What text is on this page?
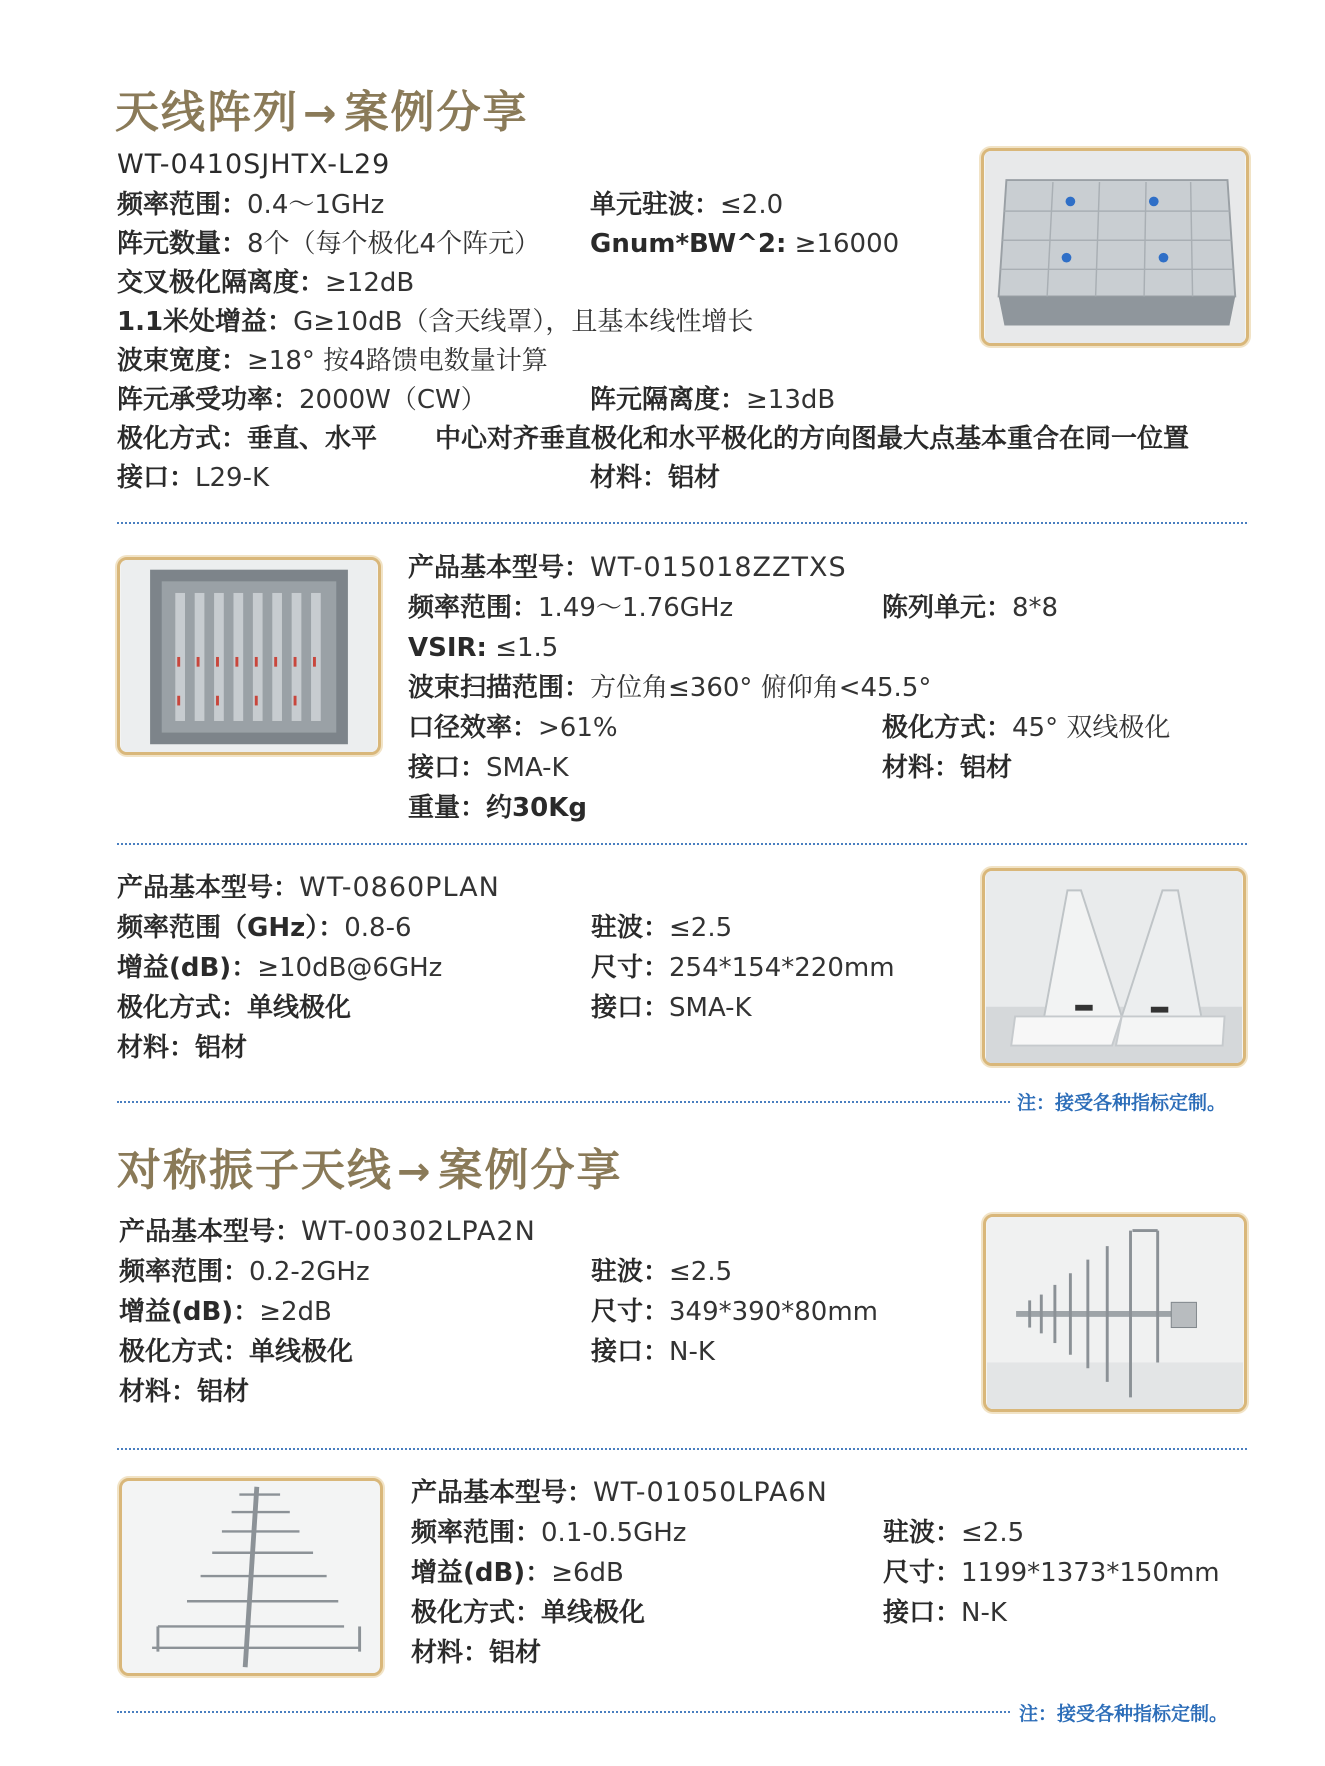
天线阵列 → 案例分享
WT-0410SJHTX-L29
频率范围：0.4～1GHz	单元驻波：≤2.0
阵元数量：8个（每个极化4个阵元） Gnum*BW^2: ≥16000
交叉极化隔离度：≥12dB
1.1米处增益：G≥10dB（含天线罩），且基本线性增长
波束宽度：≥18° 按4路馈电数量计算
阵元承受功率：2000W（CW）	阵元隔离度：≥13dB
极化方式：垂直、水平 中心对齐垂直极化和水平极化的方向图最大点基本重合在同一位置
接口：L29-K	材料：铝材
产品基本型号：WT-015018ZZTXS
频率范围：1.49～1.76GHz	陈列单元：8*8
VSIR: ≤1.5
波束扫描范围：方位角≤360° 俯仰角<45.5°
口径效率：>61%	极化方式：45° 双线极化
接口：SMA-K	材料：铝材
重量：约30Kg
产品基本型号：WT-0860PLAN
频率范围（GHz）：0.8-6	驻波：≤2.5
增益(dB)：≥10dB@6GHz	尺寸：254*154*220mm
极化方式：单线极化	接口：SMA-K
材料：铝材
注：接受各种指标定制。
对称振子天线 → 案例分享
产品基本型号：WT-00302LPA2N
频率范围：0.2-2GHz	驻波：≤2.5
增益(dB)：≥2dB	尺寸：349*390*80mm
极化方式：单线极化	接口：N-K
材料：铝材
产品基本型号：WT-01050LPA6N
频率范围：0.1-0.5GHz	驻波：≤2.5
增益(dB)：≥6dB	尺寸：1199*1373*150mm
极化方式：单线极化	接口：N-K
材料：铝材
注：接受各种指标定制。
